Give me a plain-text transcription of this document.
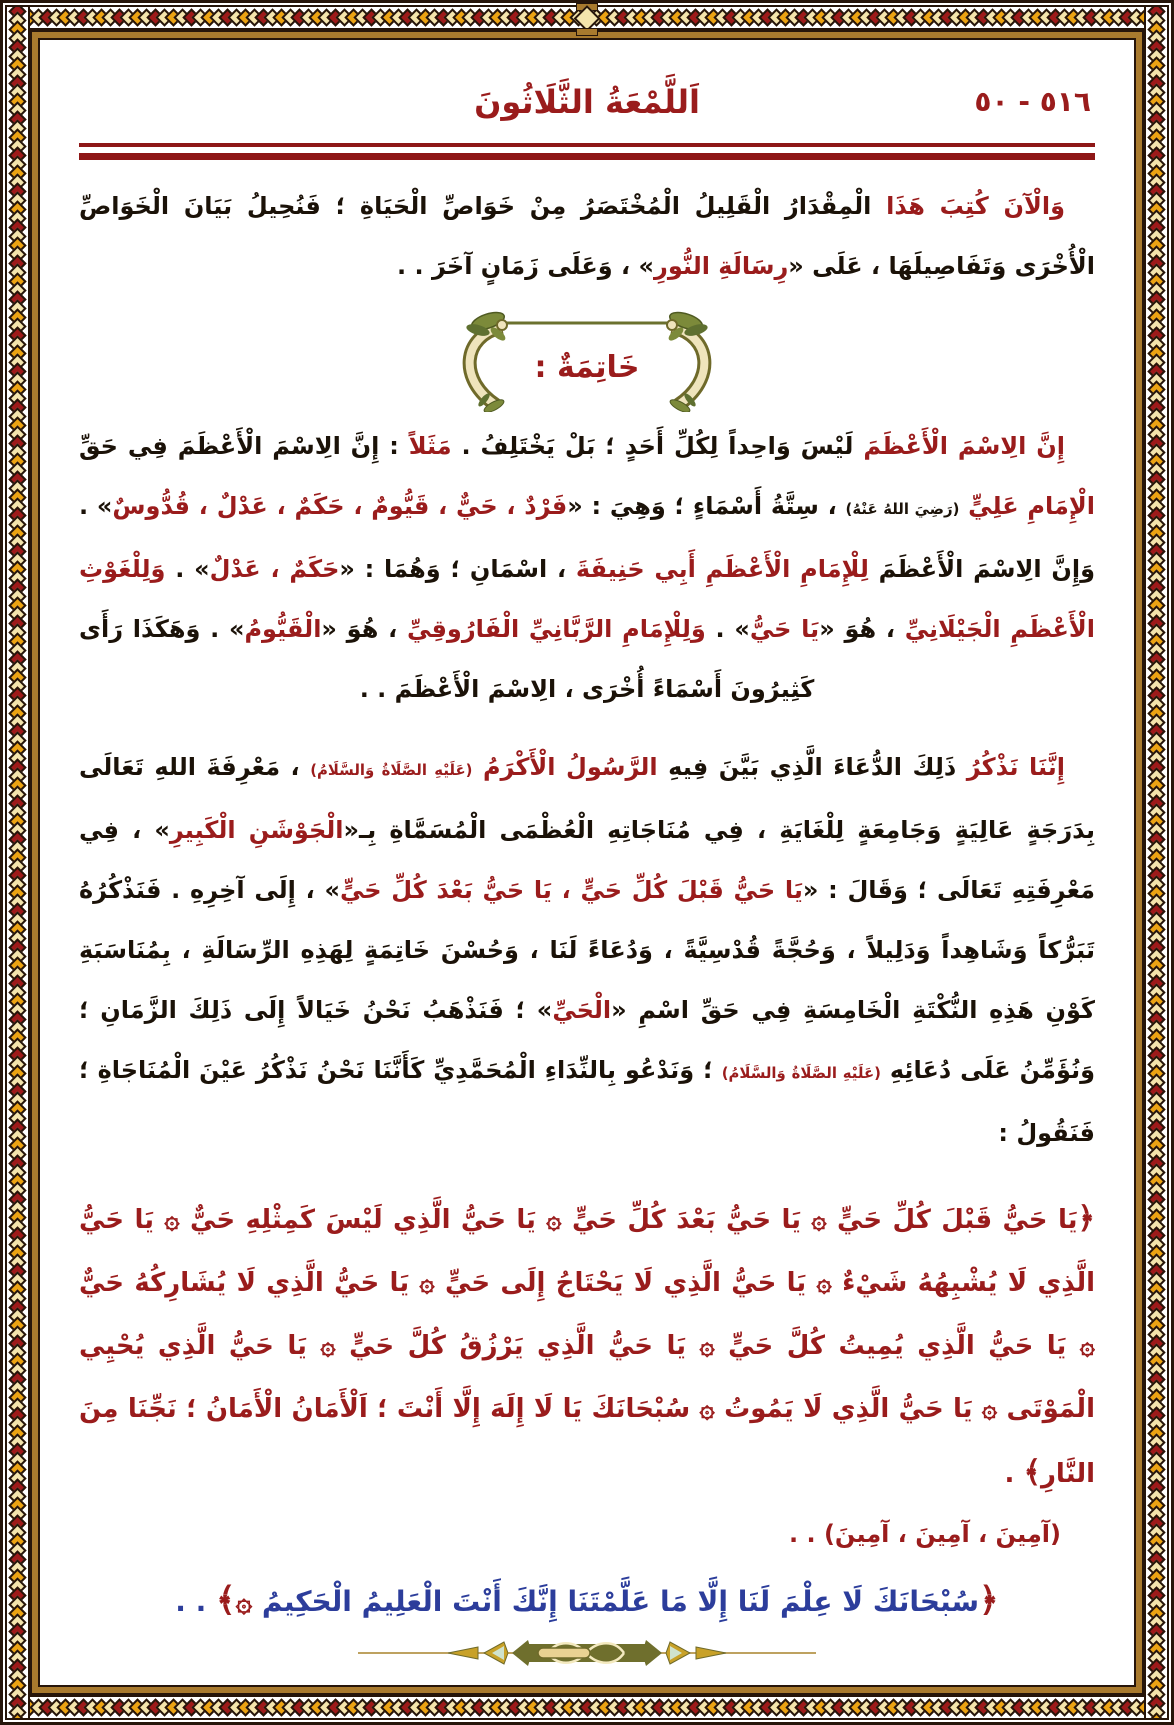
٥١٦ - ٥٠
اَللَّمْعَةُ الثَّلَاثُونَ

وَالْآنَ كُتِبَ هَذَا الْمِقْدَارُ الْقَلِيلُ الْمُخْتَصَرُ مِنْ خَوَاصِّ الْحَيَاةِ ؛ فَنُحِيلُ بَيَانَ الْخَوَاصِّ الْأُخْرَى وَتَفَاصِيلَهَا ، عَلَى «رِسَالَةِ النُّورِ» ، وَعَلَى زَمَانٍ آخَرَ . .

خَاتِمَةٌ :

إِنَّ الِاسْمَ الْأَعْظَمَ لَيْسَ وَاحِداً لِكُلِّ أَحَدٍ ؛ بَلْ يَخْتَلِفُ . مَثَلاً : إِنَّ الِاسْمَ الْأَعْظَمَ فِي حَقِّ الْإِمَامِ عَلِيٍّ (رَضِيَ اللهُ عَنْهُ) ، سِتَّةُ أَسْمَاءٍ ؛ وَهِيَ : «فَرْدٌ ، حَيٌّ ، قَيُّومٌ ، حَكَمٌ ، عَدْلٌ ، قُدُّوسٌ» . وَإِنَّ الِاسْمَ الْأَعْظَمَ لِلْإِمَامِ الْأَعْظَمِ أَبِي حَنِيفَةَ ، اسْمَانِ ؛ وَهُمَا : «حَكَمٌ ، عَدْلٌ» . وَلِلْغَوْثِ الْأَعْظَمِ الْجَيْلَانِيِّ ، هُوَ «يَا حَيُّ» . وَلِلْإِمَامِ الرَّبَّانِيِّ الْفَارُوقِيِّ ، هُوَ «الْقَيُّومُ» . وَهَكَذَا رَأَى كَثِيرُونَ أَسْمَاءً أُخْرَى ، الِاسْمَ الْأَعْظَمَ . .

إِنَّنَا نَذْكُرُ ذَلِكَ الدُّعَاءَ الَّذِي بَيَّنَ فِيهِ الرَّسُولُ الْأَكْرَمُ (عَلَيْهِ الصَّلَاةُ وَالسَّلَامُ) ، مَعْرِفَةَ اللهِ تَعَالَى بِدَرَجَةٍ عَالِيَةٍ وَجَامِعَةٍ لِلْغَايَةِ ، فِي مُنَاجَاتِهِ الْعُظْمَى الْمُسَمَّاةِ بِـ«الْجَوْشَنِ الْكَبِيرِ» ، فِي مَعْرِفَتِهِ تَعَالَى ؛ وَقَالَ : «يَا حَيُّ قَبْلَ كُلِّ حَيٍّ ، يَا حَيُّ بَعْدَ كُلِّ حَيٍّ» ، إِلَى آخِرِهِ . فَنَذْكُرُهُ تَبَرُّكاً وَشَاهِداً وَدَلِيلاً ، وَحُجَّةً قُدْسِيَّةً ، وَدُعَاءً لَنَا ، وَحُسْنَ خَاتِمَةٍ لِهَذِهِ الرِّسَالَةِ ، بِمُنَاسَبَةِ كَوْنِ هَذِهِ النُّكْتَةِ الْخَامِسَةِ فِي حَقِّ اسْمِ «الْحَيِّ» ؛ فَنَذْهَبُ نَحْنُ خَيَالاً إِلَى ذَلِكَ الزَّمَانِ ؛ وَنُؤَمِّنُ عَلَى دُعَائِهِ (عَلَيْهِ الصَّلَاةُ وَالسَّلَامُ) ؛ وَنَدْعُو بِالنِّدَاءِ الْمُحَمَّدِيِّ كَأَنَّنَا نَحْنُ نَذْكُرُ عَيْنَ الْمُنَاجَاةِ ؛ فَنَقُولُ :

﴿يَا حَيُّ قَبْلَ كُلِّ حَيٍّ ۞ يَا حَيُّ بَعْدَ كُلِّ حَيٍّ ۞ يَا حَيُّ الَّذِي لَيْسَ كَمِثْلِهِ حَيٌّ ۞ يَا حَيُّ الَّذِي لَا يُشْبِهُهُ شَيْءٌ ۞ يَا حَيُّ الَّذِي لَا يَحْتَاجُ إِلَى حَيٍّ ۞ يَا حَيُّ الَّذِي لَا يُشَارِكُهُ حَيٌّ ۞ يَا حَيُّ الَّذِي يُمِيتُ كُلَّ حَيٍّ ۞ يَا حَيُّ الَّذِي يَرْزُقُ كُلَّ حَيٍّ ۞ يَا حَيُّ الَّذِي يُحْيِي الْمَوْتَى ۞ يَا حَيُّ الَّذِي لَا يَمُوتُ ۞ سُبْحَانَكَ يَا لَا إِلَهَ إِلَّا أَنْتَ ؛ اَلْأَمَانُ الْأَمَانُ ؛ نَجِّنَا مِنَ النَّارِ﴾ .

(آمِينَ ، آمِينَ ، آمِينَ) . .

﴿سُبْحَانَكَ لَا عِلْمَ لَنَا إِلَّا مَا عَلَّمْتَنَا إِنَّكَ أَنْتَ الْعَلِيمُ الْحَكِيمُ ۞﴾ . .
